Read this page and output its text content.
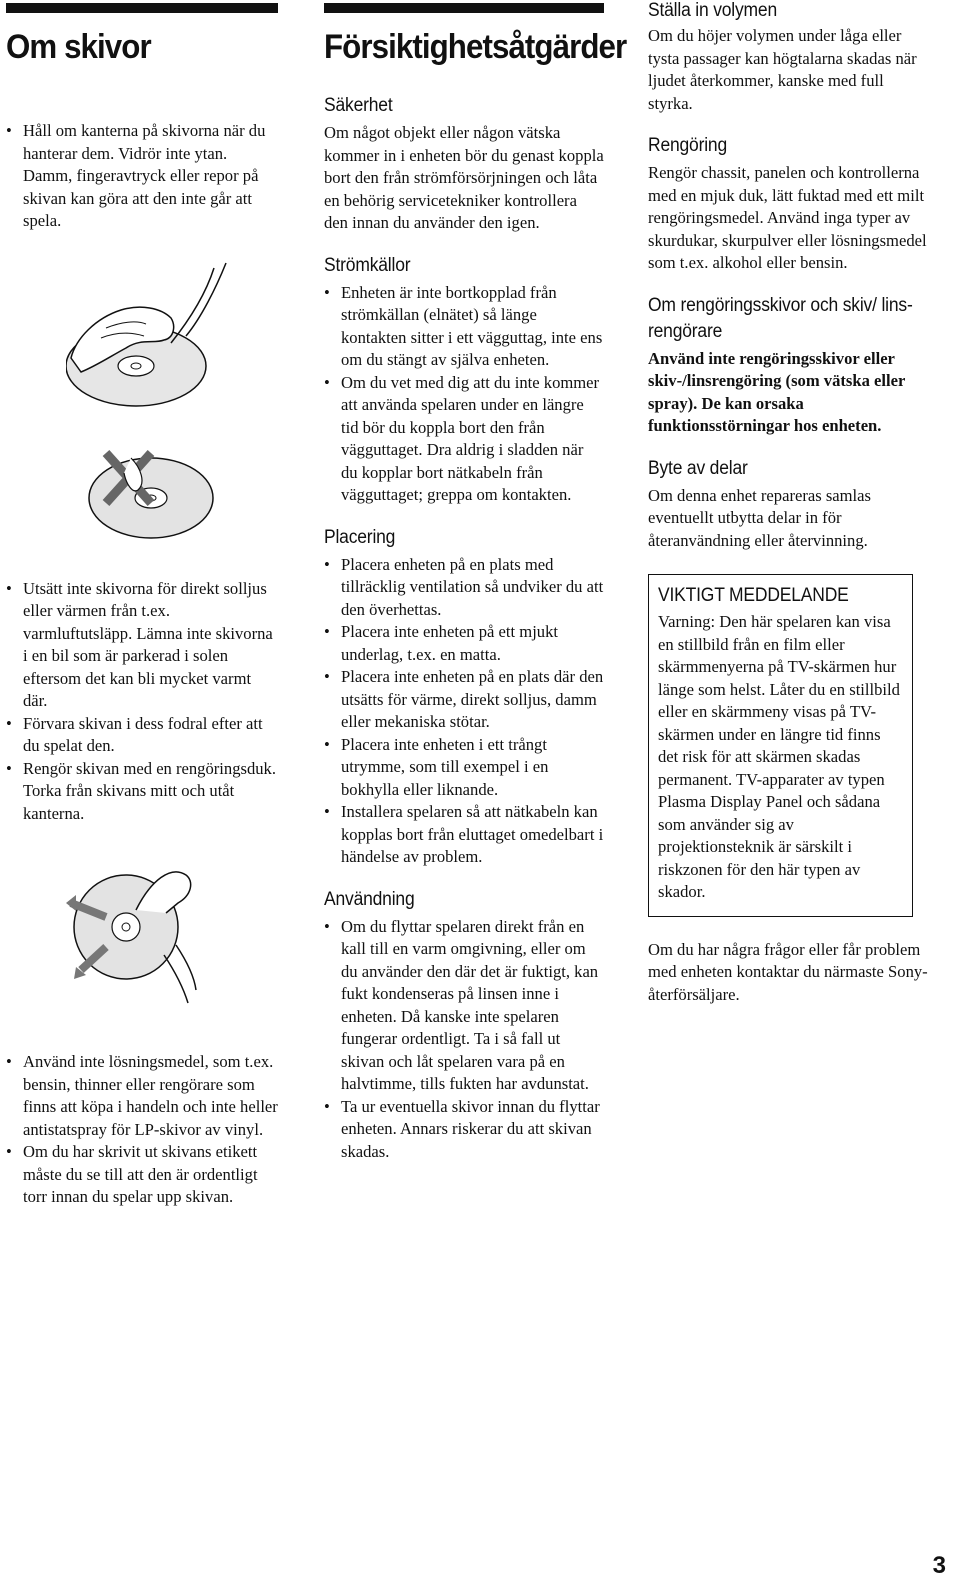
Om skivor
• Håll om kanterna på skivorna när du hanterar dem. Vidrör inte ytan. Damm, fingeravtryck eller repor på skivan kan göra att den inte går att spela.
• Utsätt inte skivorna för direkt solljus eller värmen från t.ex. varmluftutsläpp. Lämna inte skivorna i en bil som är parkerad i solen eftersom det kan bli mycket varmt där.
• Förvara skivan i dess fodral efter att du spelat den.
• Rengör skivan med en rengöringsduk. Torka från skivans mitt och utåt kanterna.
• Använd inte lösningsmedel, som t.ex. bensin, thinner eller rengörare som finns att köpa i handeln och inte heller antistatspray för LP-skivor av vinyl.
• Om du har skrivit ut skivans etikett måste du se till att den är ordentligt torr innan du spelar upp skivan.
Försiktighetsåtgärder
Säkerhet

Om något objekt eller någon vätska kommer in i enheten bör du genast koppla bort den från strömförsörjningen och låta en behörig servicetekniker kontrollera den innan du använder den igen.

Strömkällor
• Enheten är inte bortkopplad från strömkällan (elnätet) så länge kontakten sitter i ett vägguttag, inte ens om du stängt av själva enheten.
• Om du vet med dig att du inte kommer att använda spelaren under en längre tid bör du koppla bort den från vägguttaget. Dra aldrig i sladden när du kopplar bort nätkabeln från vägguttaget; greppa om kontakten.
Placering
• Placera enheten på en plats med tillräcklig ventilation så undviker du att den överhettas.
• Placera inte enheten på ett mjukt underlag, t.ex. en matta.
• Placera inte enheten på en plats där den utsätts för värme, direkt solljus, damm eller mekaniska stötar.
• Placera inte enheten i ett trångt utrymme, som till exempel i en bokhylla eller liknande.
• Installera spelaren så att nätkabeln kan kopplas bort från eluttaget omedelbart i händelse av problem.
Användning
• Om du flyttar spelaren direkt från en kall till en varm omgivning, eller om du använder den där det är fuktigt, kan fukt kondenseras på linsen inne i enheten. Då kanske inte spelaren fungerar ordentligt. Ta i så fall ut skivan och låt spelaren vara på en halvtimme, tills fukten har avdunstat.
• Ta ur eventuella skivor innan du flyttar enheten. Annars riskerar du att skivan skadas.
Ställa in volymen

Om du höjer volymen under låga eller tysta passager kan högtalarna skadas när ljudet återkommer, kanske med full styrka.

Rengöring

Rengör chassit, panelen och kontrollerna med en mjuk duk, lätt fuktad med ett milt rengöringsmedel. Använd inga typer av skurdukar, skurpulver eller lösningsmedel som t.ex. alkohol eller bensin.

Om rengöringsskivor och skiv/ lins-rengörare

Använd inte rengöringsskivor eller skiv-/linsrengöring (som vätska eller spray). De kan orsaka funktionsstörningar hos enheten.

Byte av delar

Om denna enhet repareras samlas eventuellt utbytta delar in för återanvändning eller återvinning.

VIKTIGT MEDDELANDE

Varning: Den här spelaren kan visa en stillbild från en film eller skärmmenyerna på TV-skärmen hur länge som helst. Låter du en stillbild eller en skärmmeny visas på TV-skärmen under en längre tid finns det risk för att skärmen skadas permanent. TV-apparater av typen Plasma Display Panel och sådana som använder sig av projektionsteknik är särskilt i riskzonen för den här typen av skador.

Om du har några frågor eller får problem med enheten kontaktar du närmaste Sony-återförsäljare.

3
